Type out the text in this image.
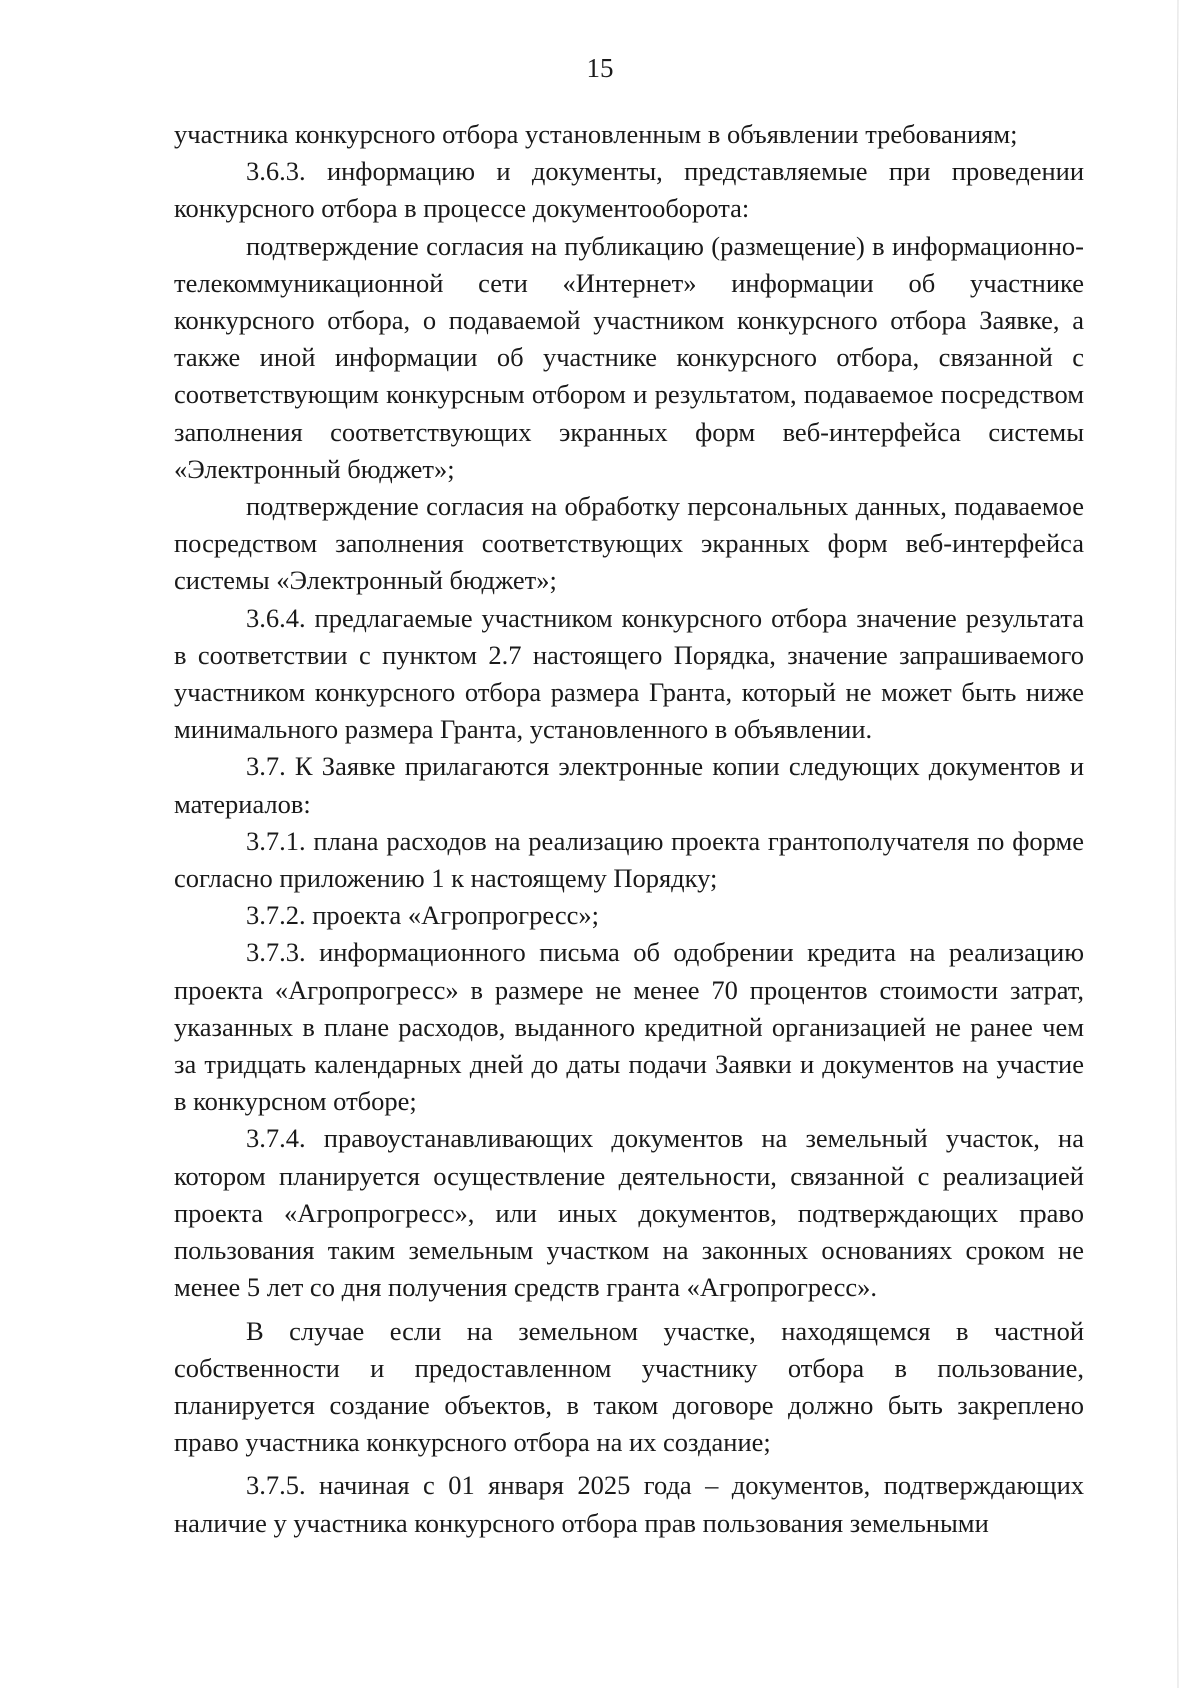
15

участника конкурсного отбора установленным в объявлении требованиям;

3.6.3. информацию и документы, представляемые при проведении конкурсного отбора в процессе документооборота:

подтверждение согласия на публикацию (размещение) в информационно-телекоммуникационной сети «Интернет» информации об участнике конкурсного отбора, о подаваемой участником конкурсного отбора Заявке, а также иной информации об участнике конкурсного отбора, связанной с соответствующим конкурсным отбором и результатом, подаваемое посредством заполнения соответствующих экранных форм веб-интерфейса системы «Электронный бюджет»;

подтверждение согласия на обработку персональных данных, подаваемое посредством заполнения соответствующих экранных форм веб-интерфейса системы «Электронный бюджет»;

3.6.4. предлагаемые участником конкурсного отбора значение результата в соответствии с пунктом 2.7 настоящего Порядка, значение запрашиваемого участником конкурсного отбора размера Гранта, который не может быть ниже минимального размера Гранта, установленного в объявлении.

3.7. К Заявке прилагаются электронные копии следующих документов и материалов:

3.7.1. плана расходов на реализацию проекта грантополучателя по форме согласно приложению 1 к настоящему Порядку;

3.7.2. проекта «Агропрогресс»;

3.7.3. информационного письма об одобрении кредита на реализацию проекта «Агропрогресс» в размере не менее 70 процентов стоимости затрат, указанных в плане расходов, выданного кредитной организацией не ранее чем за тридцать календарных дней до даты подачи Заявки и документов на участие в конкурсном отборе;

3.7.4. правоустанавливающих документов на земельный участок, на котором планируется осуществление деятельности, связанной с реализацией проекта «Агропрогресс», или иных документов, подтверждающих право пользования таким земельным участком на законных основаниях сроком не менее 5 лет со дня получения средств гранта «Агропрогресс».

В случае если на земельном участке, находящемся в частной собственности и предоставленном участнику отбора в пользование, планируется создание объектов, в таком договоре должно быть закреплено право участника конкурсного отбора на их создание;

3.7.5. начиная с 01 января 2025 года – документов, подтверждающих наличие у участника конкурсного отбора прав пользования земельными
